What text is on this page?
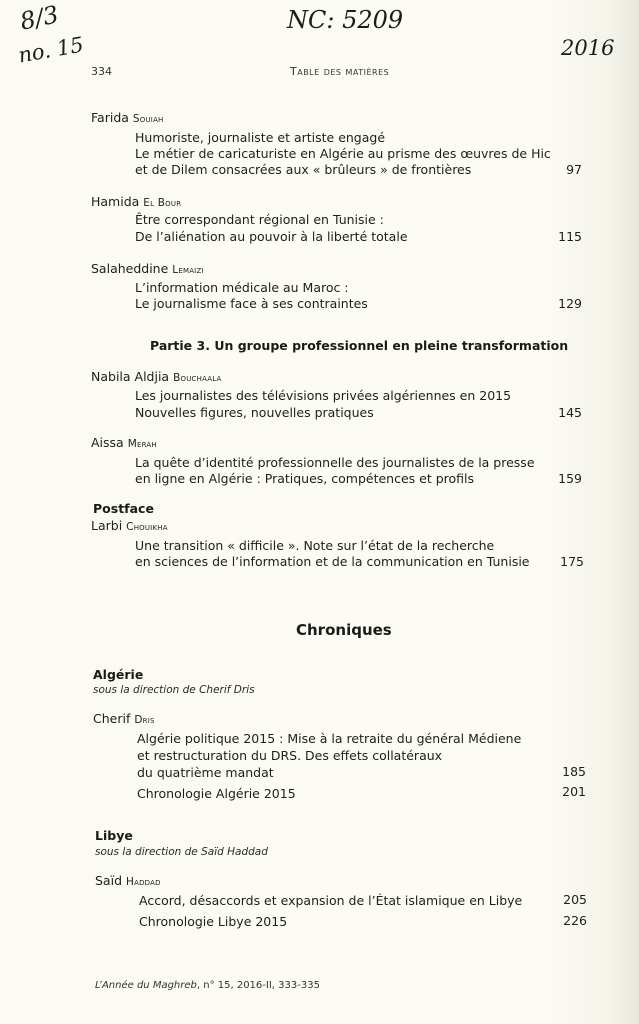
8/3
no. 15
NC: 5209
2016
334	Table des matières
Farida Souiah
Humoriste, journaliste et artiste engagé
Le métier de caricaturiste en Algérie au prisme des œuvres de Hic
et de Dilem consacrées aux « brûleurs » de frontières	97
Hamida El Bour
Être correspondant régional en Tunisie :
De l’aliénation au pouvoir à la liberté totale	115
Salaheddine Lemaizi
L’information médicale au Maroc :
Le journalisme face à ses contraintes	129
Partie 3. Un groupe professionnel en pleine transformation
Nabila Aldjia Bouchaala
Les journalistes des télévisions privées algériennes en 2015
Nouvelles figures, nouvelles pratiques	145
Aissa Merah
La quête d’identité professionnelle des journalistes de la presse
en ligne en Algérie : Pratiques, compétences et profils	159
Postface
Larbi Chouikha
Une transition « difficile ». Note sur l’état de la recherche
en sciences de l’information et de la communication en Tunisie	175
Chroniques
Algérie
sous la direction de Cherif Dris
Cherif Dris
Algérie politique 2015 : Mise à la retraite du général Médiene
et restructuration du DRS. Des effets collatéraux
du quatrième mandat	185
Chronologie Algérie 2015	201
Libye
sous la direction de Saïd Haddad
Saïd Haddad
Accord, désaccords et expansion de l’État islamique en Libye	205
Chronologie Libye 2015	226
L’Année du Maghreb, n° 15, 2016-II, 333-335
